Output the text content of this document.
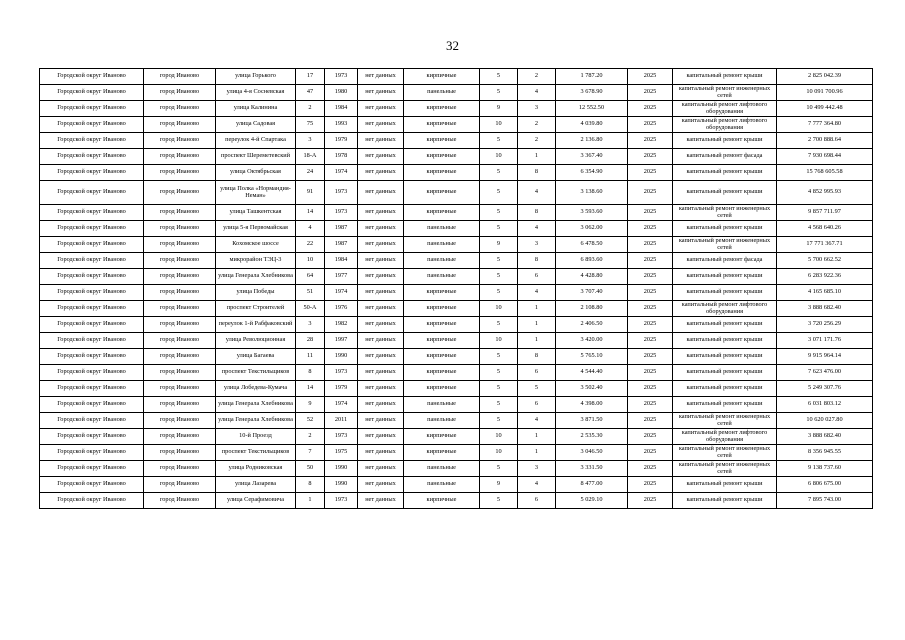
32
Городской округ Иваново	город Иваново	улица Горького	17	1973	нет данных	кирпичные	5	2	1 787.20	2025	капитальный ремонт крыши	2 825 042.39
Городской округ Иваново	город Иваново	улица 4-я Сосневская	47	1980	нет данных	панельные	5	4	3 678.90	2025	капитальный ремонт инженерных сетей	10 091 700.96
Городской округ Иваново	город Иваново	улица Калинина	2	1984	нет данных	кирпичные	9	3	12 552.50	2025	капитальный ремонт лифтового оборудования	10 499 442.48
Городской округ Иваново	город Иваново	улица Садовая	75	1993	нет данных	кирпичные	10	2	4 039.80	2025	капитальный ремонт лифтового оборудования	7 777 364.80
Городской округ Иваново	город Иваново	переулок 4-й Спартака	3	1979	нет данных	кирпичные	5	2	2 136.80	2025	капитальный ремонт крыши	2 700 888.64
Городской округ Иваново	город Иваново	проспект Шереметевский	18-А	1978	нет данных	кирпичные	10	1	3 367.40	2025	капитальный ремонт фасада	7 930 698.44
Городской округ Иваново	город Иваново	улица Октябрьская	24	1974	нет данных	кирпичные	5	8	6 354.90	2025	капитальный ремонт крыши	15 768 605.58
Городской округ Иваново	город Иваново	улица Полка «Нормандия-Неман»	91	1973	нет данных	кирпичные	5	4	3 138.60	2025	капитальный ремонт крыши	4 852 995.93
Городской округ Иваново	город Иваново	улица Ташкентская	14	1973	нет данных	кирпичные	5	8	3 593.60	2025	капитальный ремонт инженерных сетей	9 857 711.97
Городской округ Иваново	город Иваново	улица 5-я Первомайская	4	1987	нет данных	панельные	5	4	3 062.00	2025	капитальный ремонт крыши	4 568 640.26
Городской округ Иваново	город Иваново	Кохомское шоссе	22	1987	нет данных	панельные	9	3	6 478.50	2025	капитальный ремонт инженерных сетей	17 771 367.71
Городской округ Иваново	город Иваново	микрорайон ТЭЦ-3	10	1984	нет данных	панельные	5	8	6 893.60	2025	капитальный ремонт фасада	5 700 662.52
Городской округ Иваново	город Иваново	улица Генерала Хлебникова	64	1977	нет данных	панельные	5	6	4 428.80	2025	капитальный ремонт крыши	6 283 922.36
Городской округ Иваново	город Иваново	улица Победы	51	1974	нет данных	кирпичные	5	4	3 707.40	2025	капитальный ремонт крыши	4 165 685.10
Городской округ Иваново	город Иваново	проспект Строителей	50-А	1976	нет данных	кирпичные	10	1	2 108.80	2025	капитальный ремонт лифтового оборудования	3 888 682.40
Городской округ Иваново	город Иваново	переулок 1-й Рабфаковский	3	1982	нет данных	кирпичные	5	1	2 406.50	2025	капитальный ремонт крыши	3 720 256.29
Городской округ Иваново	город Иваново	улица Революционная	28	1997	нет данных	кирпичные	10	1	3 420.00	2025	капитальный ремонт крыши	3 071 171.76
Городской округ Иваново	город Иваново	улица Багаева	11	1990	нет данных	кирпичные	5	8	5 765.10	2025	капитальный ремонт крыши	9 915 964.14
Городской округ Иваново	город Иваново	проспект Текстильщиков	8	1973	нет данных	кирпичные	5	6	4 544.40	2025	капитальный ремонт крыши	7 623 476.00
Городской округ Иваново	город Иваново	улица Лобедева-Кумача	14	1979	нет данных	кирпичные	5	5	3 502.40	2025	капитальный ремонт крыши	5 249 307.76
Городской округ Иваново	город Иваново	улица Генерала Хлебникова	9	1974	нет данных	панельные	5	6	4 398.00	2025	капитальный ремонт крыши	6 031 803.12
Городской округ Иваново	город Иваново	улица Генерала Хлебникова	52	2011	нет данных	панельные	5	4	3 871.50	2025	капитальный ремонт инженерных сетей	10 620 027.80
Городской округ Иваново	город Иваново	10-й Проезд	2	1973	нет данных	кирпичные	10	1	2 535.30	2025	капитальный ремонт лифтового оборудования	3 888 682.40
Городской округ Иваново	город Иваново	проспект Текстильщиков	7	1975	нет данных	кирпичные	10	1	3 046.50	2025	капитальный ремонт инженерных сетей	8 356 945.55
Городской округ Иваново	город Иваново	улица Родниковская	50	1990	нет данных	панельные	5	3	3 331.50	2025	капитальный ремонт инженерных сетей	9 138 737.60
Городской округ Иваново	город Иваново	улица Лазарева	8	1990	нет данных	панельные	9	4	8 477.00	2025	капитальный ремонт крыши	6 806 675.00
Городской округ Иваново	город Иваново	улица Серафимовича	1	1973	нет данных	кирпичные	5	6	5 029.10	2025	капитальный ремонт крыши	7 895 743.00
